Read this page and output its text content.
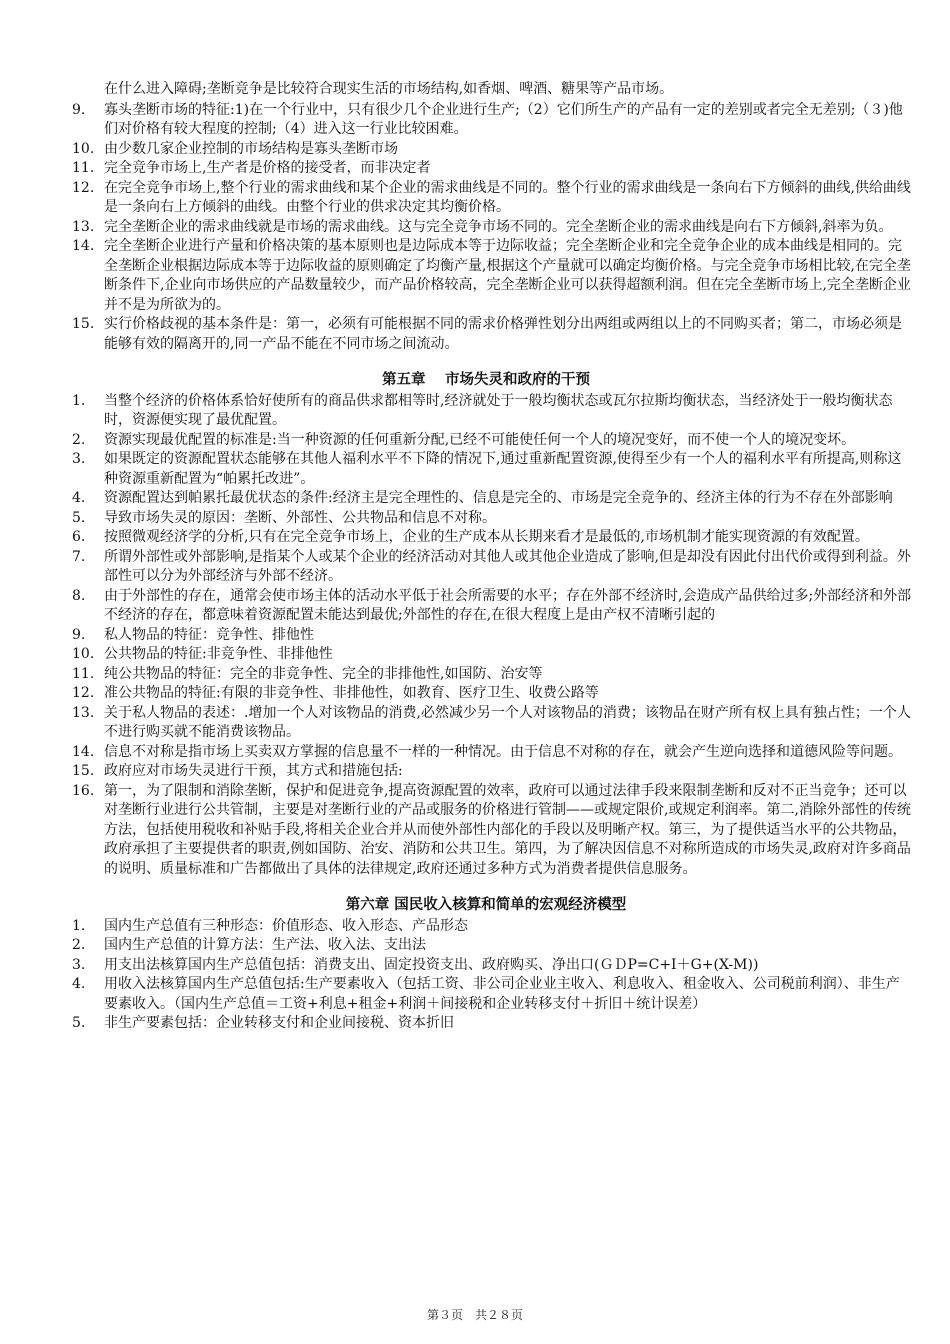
在什么进入障碍;垄断竞争是比较符合现实生活的市场结构,如香烟、啤酒、糖果等产品市场。

9.	寡头垄断市场的特征:1)在一个行业中，只有很少几个企业进行生产;（2）它们所生产的产品有一定的差别或者完全无差别;（３)他们对价格有较大程度的控制;（4）进入这一行业比较困难。
10. 由少数几家企业控制的市场结构是寡头垄断市场
11. 完全竞争市场上,生产者是价格的接受者，而非决定者
12. 在完全竞争市场上,整个行业的需求曲线和某个企业的需求曲线是不同的。整个行业的需求曲线是一条向右下方倾斜的曲线,供给曲线是一条向右上方倾斜的曲线。由整个行业的供求决定其均衡价格。
13. 完全垄断企业的需求曲线就是市场的需求曲线。这与完全竞争市场不同的。完全垄断企业的需求曲线是向右下方倾斜,斜率为负。
14. 完全垄断企业进行产量和价格决策的基本原则也是边际成本等于边际收益；完全垄断企业和完全竞争企业的成本曲线是相同的。完全垄断企业根据边际成本等于边际收益的原则确定了均衡产量,根据这个产量就可以确定均衡价格。与完全竞争市场相比较,在完全垄断条件下,企业向市场供应的产品数量较少，而产品价格较高，完全垄断企业可以获得超额利润。但在完全垄断市场上,完全垄断企业并不是为所欲为的。
15. 实行价格歧视的基本条件是：第一，必须有可能根据不同的需求价格弹性划分出两组或两组以上的不同购买者；第二，市场必须是能够有效的隔离开的,同一产品不能在不同市场之间流动。
第五章　 市场失灵和政府的干预
1.	当整个经济的价格体系恰好使所有的商品供求都相等时,经济就处于一般均衡状态或瓦尔拉斯均衡状态，当经济处于一般均衡状态时，资源便实现了最优配置。
2.	资源实现最优配置的标准是:当一种资源的任何重新分配,已经不可能使任何一个人的境况变好，而不使一个人的境况变坏。
3.	如果既定的资源配置状态能够在其他人福利水平不下降的情况下,通过重新配置资源,使得至少有一个人的福利水平有所提高,则称这种资源重新配置为“帕累托改进”。
4.	资源配置达到帕累托最优状态的条件:经济主是完全理性的、信息是完全的、市场是完全竞争的、经济主体的行为不存在外部影响
5.	导致市场失灵的原因：垄断、外部性、公共物品和信息不对称。
6.	按照微观经济学的分析,只有在完全竞争市场上，企业的生产成本从长期来看才是最低的,市场机制才能实现资源的有效配置。
7.	所谓外部性或外部影响,是指某个人或某个企业的经济活动对其他人或其他企业造成了影响,但是却没有因此付出代价或得到利益。外部性可以分为外部经济与外部不经济。
8.	由于外部性的存在，通常会使市场主体的活动水平低于社会所需要的水平；存在外部不经济时,会造成产品供给过多;外部经济和外部不经济的存在，都意味着资源配置未能达到最优;外部性的存在,在很大程度上是由产权不清晰引起的
9.	私人物品的特征：竞争性、排他性
10. 公共物品的特征:非竞争性、非排他性
11. 纯公共物品的特征：完全的非竞争性、完全的非排他性,如国防、治安等
12. 准公共物品的特征:有限的非竞争性、非排他性，如教育、医疗卫生、收费公路等
13. 关于私人物品的表述：.增加一个人对该物品的消费,必然减少另一个人对该物品的消费；该物品在财产所有权上具有独占性；一个人不进行购买就不能消费该物品。
14. 信息不对称是指市场上买卖双方掌握的信息量不一样的一种情况。由于信息不对称的存在，就会产生逆向选择和道德风险等问题。
15. 政府应对市场失灵进行干预，其方式和措施包括:
16. 第一，为了限制和消除垄断，保护和促进竞争,提高资源配置的效率，政府可以通过法律手段来限制垄断和反对不正当竞争；还可以对垄断行业进行公共管制，主要是对垄断行业的产品或服务的价格进行管制——或规定限价,或规定利润率。第二,消除外部性的传统方法，包括使用税收和补贴手段,将相关企业合并从而使外部性内部化的手段以及明晰产权。第三，为了提供适当水平的公共物品，政府承担了主要提供者的职责,例如国防、治安、消防和公共卫生。第四，为了解决因信息不对称所造成的市场失灵,政府对许多商品的说明、质量标准和广告都做出了具体的法律规定,政府还通过多种方式为消费者提供信息服务。
第六章 国民收入核算和简单的宏观经济模型
1.	国内生产总值有三种形态：价值形态、收入形态、产品形态
2.	国内生产总值的计算方法：生产法、收入法、支出法
3.	用支出法核算国内生产总值包括：消费支出、固定投资支出、政府购买、净出口(ＧＤP=C+I＋G+(X-M))
4.	用收入法核算国内生产总值包括:生产要素收入（包括工资、非公司企业业主收入、利息收入、租金收入、公司税前利润）、非生产要素收入。（国内生产总值＝工资+利息+租金+利润＋间接税和企业转移支付＋折旧＋统计误差）
5.	非生产要素包括：企业转移支付和企业间接税、资本折旧
第３页　共２８页
